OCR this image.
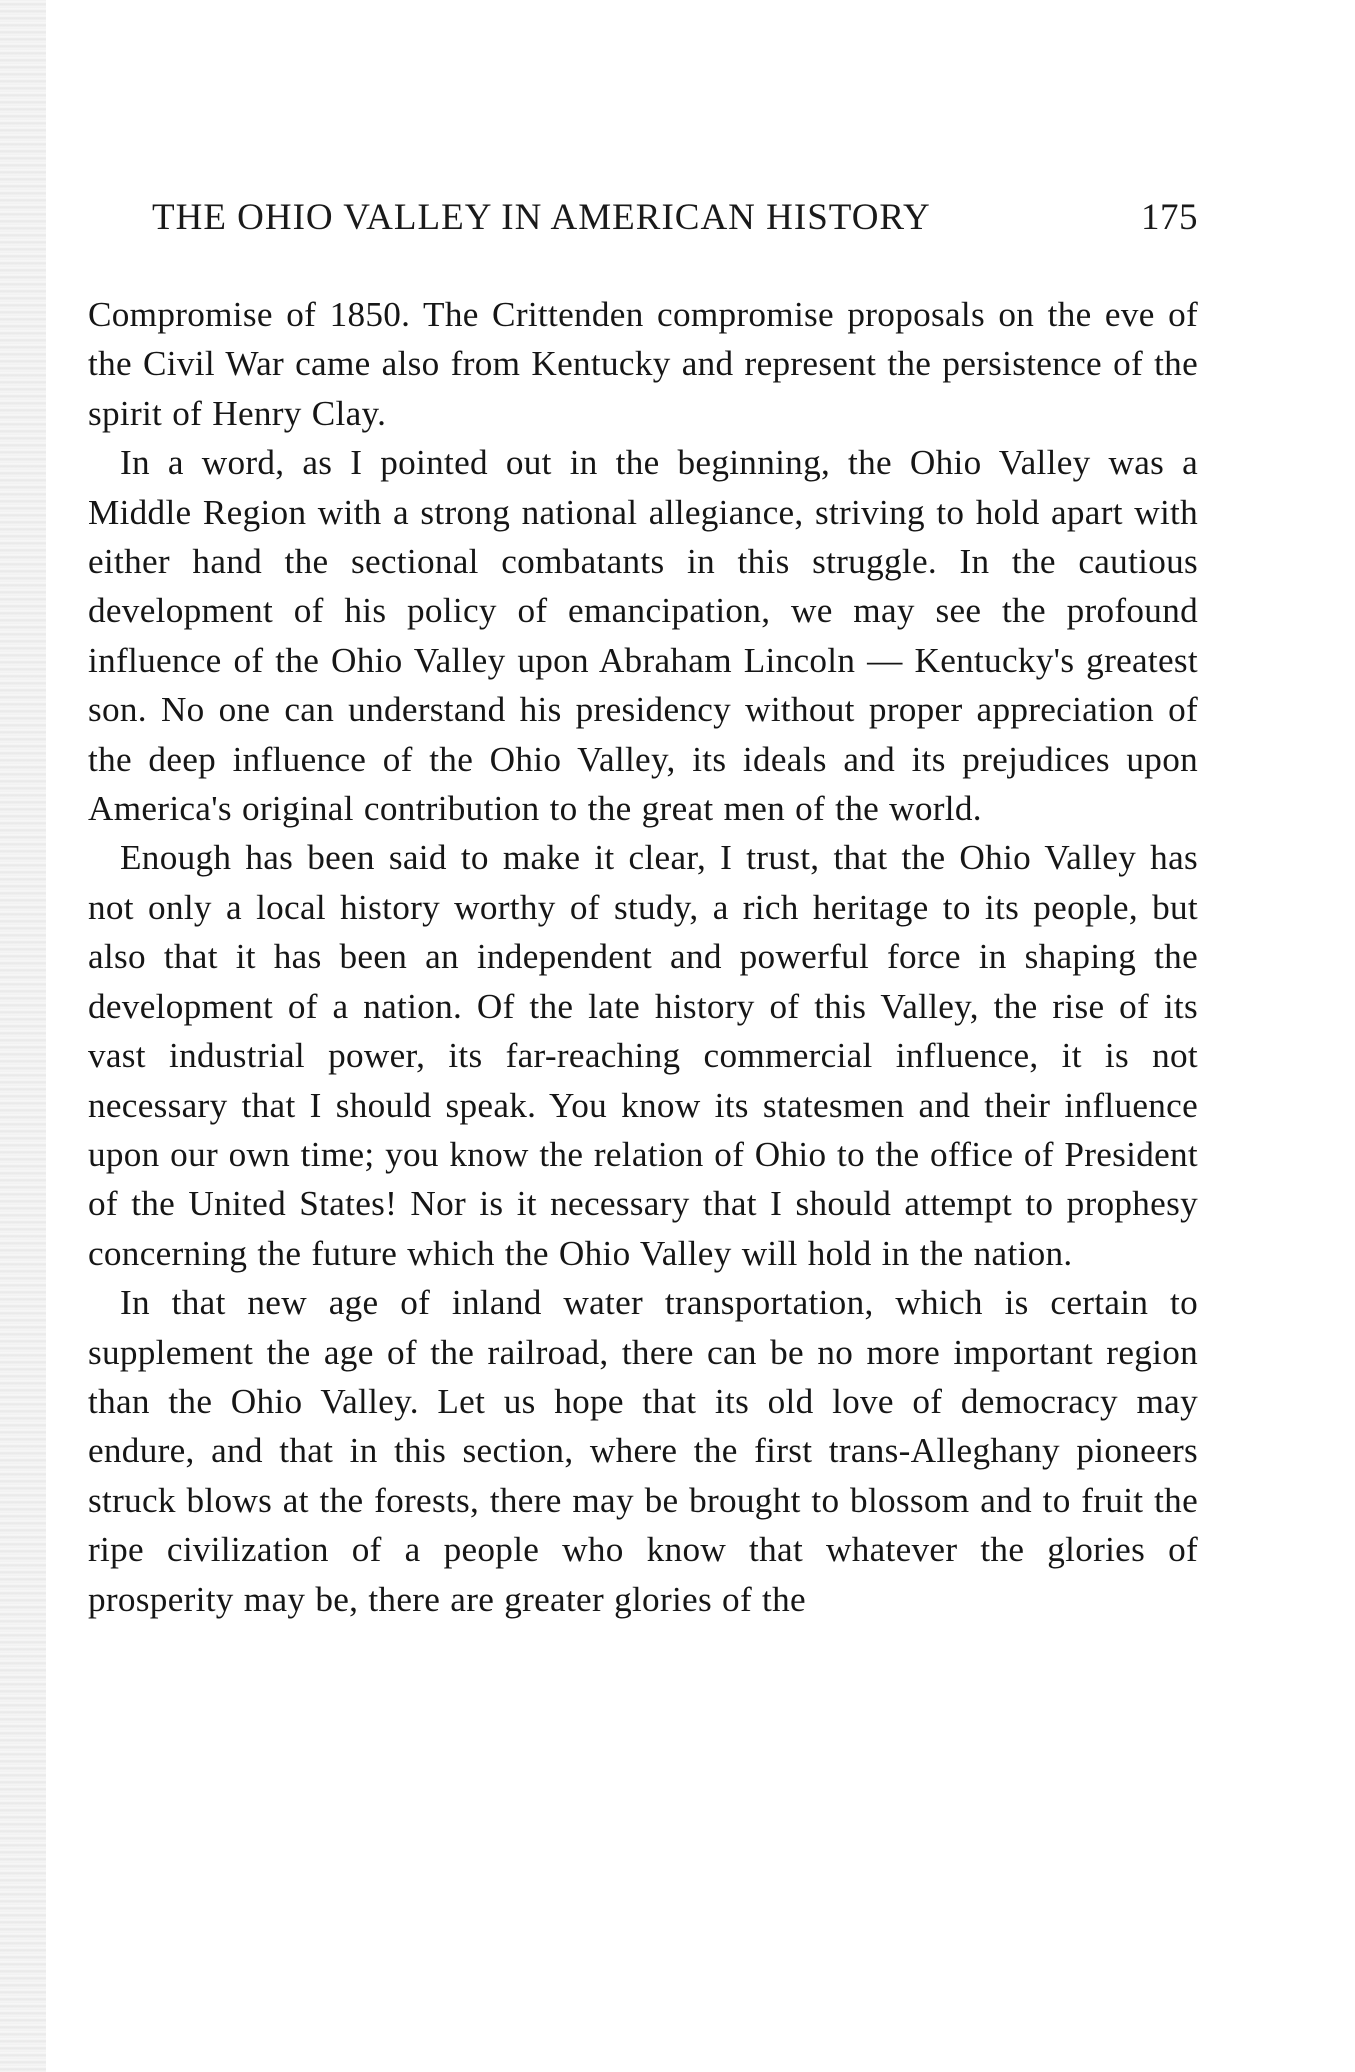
THE OHIO VALLEY IN AMERICAN HISTORY	175

Compromise of 1850. The Crittenden compromise proposals on the eve of the Civil War came also from Kentucky and represent the persistence of the spirit of Henry Clay.

In a word, as I pointed out in the beginning, the Ohio Valley was a Middle Region with a strong national allegiance, striving to hold apart with either hand the sectional combatants in this struggle. In the cautious development of his policy of emancipation, we may see the profound influence of the Ohio Valley upon Abraham Lincoln — Kentucky's greatest son. No one can understand his presidency without proper appreciation of the deep influence of the Ohio Valley, its ideals and its prejudices upon America's original contribution to the great men of the world.

Enough has been said to make it clear, I trust, that the Ohio Valley has not only a local history worthy of study, a rich heritage to its people, but also that it has been an independent and powerful force in shaping the development of a nation. Of the late history of this Valley, the rise of its vast industrial power, its far-reaching commercial influence, it is not necessary that I should speak. You know its statesmen and their influence upon our own time; you know the relation of Ohio to the office of President of the United States! Nor is it necessary that I should attempt to prophesy concerning the future which the Ohio Valley will hold in the nation.

In that new age of inland water transportation, which is certain to supplement the age of the railroad, there can be no more important region than the Ohio Valley. Let us hope that its old love of democracy may endure, and that in this section, where the first trans-Alleghany pioneers struck blows at the forests, there may be brought to blossom and to fruit the ripe civilization of a people who know that whatever the glories of prosperity may be, there are greater glories of the
